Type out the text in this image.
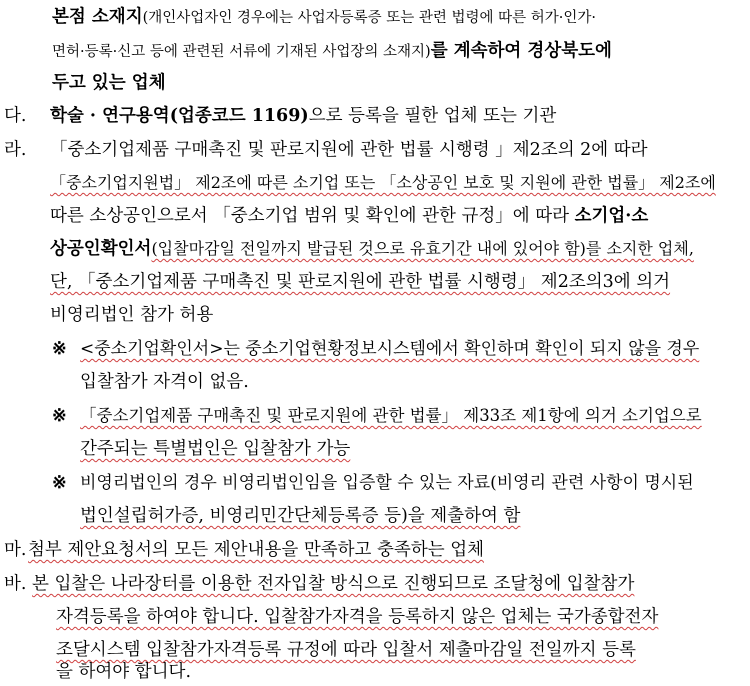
본점 소재지(개인사업자인 경우에는 사업자등록증 또는 관련 법령에 따른 허가·인가·
면허·등록·신고 등에 관련된 서류에 기재된 사업장의 소재지)를 계속하여 경상북도에
두고 있는 업체
다. 학술 · 연구용역(업종코드 1169)으로 등록을 필한 업체 또는 기관
라. 「중소기업제품 구매촉진 및 판로지원에 관한 법률 시행령 」제2조의 2에 따라
「중소기업지원법」 제2조에 따른 소기업 또는 「소상공인 보호 및 지원에 관한 법률」 제2조에
따른 소상공인으로서 「중소기업 범위 및 확인에 관한 규정」에 따라 소기업·소
상공인확인서(입찰마감일 전일까지 발급된 것으로 유효기간 내에 있어야 함)를 소지한 업체,
단, 「중소기업제품 구매촉진 및 판로지원에 관한 법률 시행령」 제2조의3에 의거
비영리법인 참가 허용
※ <중소기업확인서>는 중소기업현황정보시스템에서 확인하며 확인이 되지 않을 경우
입찰참가 자격이 없음.
※ 「중소기업제품 구매촉진 및 판로지원에 관한 법률」 제33조 제1항에 의거 소기업으로
간주되는 특별법인은 입찰참가 가능
※ 비영리법인의 경우 비영리법인임을 입증할 수 있는 자료(비영리 관련 사항이 명시된
법인설립허가증, 비영리민간단체등록증 등)을 제출하여 함
마.첨부 제안요청서의 모든 제안내용을 만족하고 충족하는 업체
바. 본 입찰은 나라장터를 이용한 전자입찰 방식으로 진행되므로 조달청에 입찰참가
자격등록을 하여야 합니다. 입찰참가자격을 등록하지 않은 업체는 국가종합전자
조달시스템 입찰참가자격등록 규정에 따라 입찰서 제출마감일 전일까지 등록
을 하여야 합니다.
